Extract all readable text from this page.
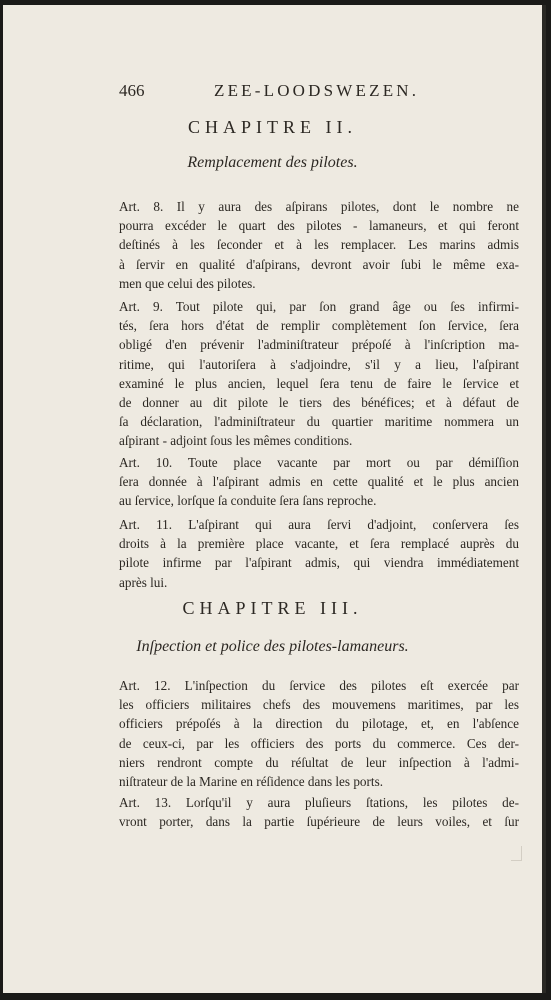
466	ZEE-LOODSWEZEN.
CHAPITRE II.
Remplacement des pilotes.
Art. 8. Il y aura des aſpirans pilotes, dont le nombre ne
pourra excéder le quart des pilotes - lamaneurs, et qui feront
deſtinés à les ſeconder et à les remplacer. Les marins admis
à ſervir en qualité d'aſpirans, devront avoir ſubi le même exa-
men que celui des pilotes.
Art. 9. Tout pilote qui, par ſon grand âge ou ſes infirmi-
tés, ſera hors d'état de remplir complètement ſon ſervice, ſera
obligé d'en prévenir l'adminiſtrateur prépoſé à l'inſcription ma-
ritime, qui l'autoriſera à s'adjoindre, s'il y a lieu, l'aſpirant
examiné le plus ancien, lequel ſera tenu de faire le ſervice et
de donner au dit pilote le tiers des bénéfices; et à défaut de
ſa déclaration, l'adminiſtrateur du quartier maritime nommera un
aſpirant - adjoint ſous les mêmes conditions.
Art. 10. Toute place vacante par mort ou par démiſſion
ſera donnée à l'aſpirant admis en cette qualité et le plus ancien
au ſervice, lorſque ſa conduite ſera ſans reproche.
Art. 11. L'aſpirant qui aura ſervi d'adjoint, conſervera ſes
droits à la première place vacante, et ſera remplacé auprès du
pilote infirme par l'aſpirant admis, qui viendra immédiatement
après lui.
CHAPITRE III.
Inſpection et police des pilotes-lamaneurs.
Art. 12. L'inſpection du ſervice des pilotes eſt exercée par
les officiers militaires chefs des mouvemens maritimes, par les
officiers prépoſés à la direction du pilotage, et, en l'abſence
de ceux-ci, par les officiers des ports du commerce. Ces der-
niers rendront compte du réſultat de leur inſpection à l'admi-
niſtrateur de la Marine en réſidence dans les ports.
Art. 13. Lorſqu'il y aura pluſieurs ſtations, les pilotes de-
vront porter, dans la partie ſupérieure de leurs voiles, et ſur
